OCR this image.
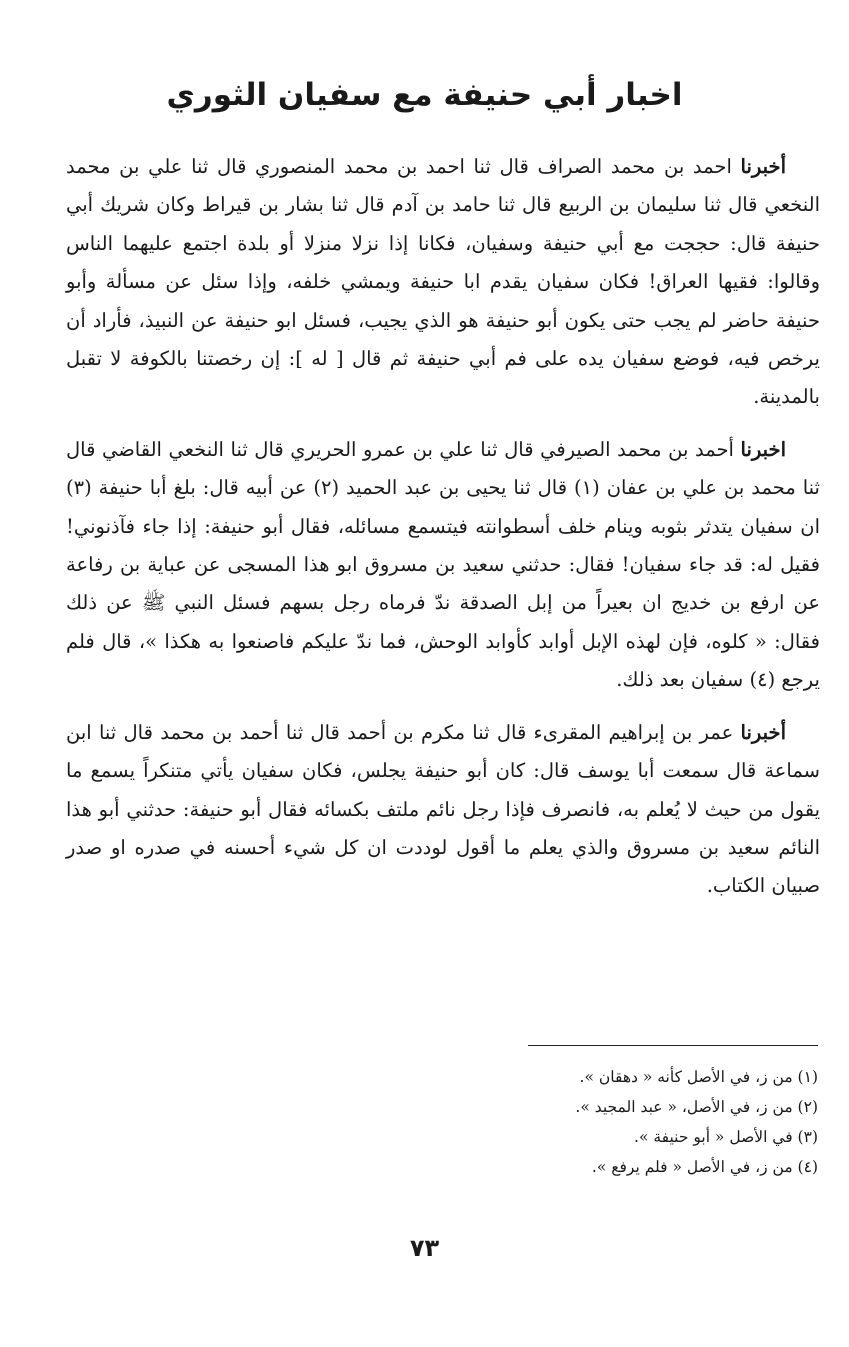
اخبار أبي حنيفة مع سفيان الثوري

أخبرنا احمد بن محمد الصراف قال ثنا احمد بن محمد المنصوري قال ثنا علي بن محمد النخعي قال ثنا سليمان بن الربيع قال ثنا حامد بن آدم قال ثنا بشار بن قيراط وكان شريك أبي حنيفة قال: حججت مع أبي حنيفة وسفيان، فكانا إذا نزلا منزلا أو بلدة اجتمع عليهما الناس وقالوا: فقيها العراق! فكان سفيان يقدم ابا حنيفة ويمشي خلفه، وإذا سئل عن مسألة وأبو حنيفة حاضر لم يجب حتى يكون أبو حنيفة هو الذي يجيب، فسئل ابو حنيفة عن النبيذ، فأراد أن يرخص فيه، فوضع سفيان يده على فم أبي حنيفة ثم قال [ له ]: إن رخصتنا بالكوفة لا تقبل بالمدينة.

اخبرنا أحمد بن محمد الصيرفي قال ثنا علي بن عمرو الحريري قال ثنا النخعي القاضي قال ثنا محمد بن علي بن عفان (١) قال ثنا يحيى بن عبد الحميد (٢) عن أبيه قال: بلغ أبا حنيفة (٣) ان سفيان يتدثر بثوبه وينام خلف أسطوانته فيتسمع مسائله، فقال أبو حنيفة: إذا جاء فآذنوني! فقيل له: قد جاء سفيان! فقال: حدثني سعيد بن مسروق ابو هذا المسجى عن عباية بن رفاعة عن ارفع بن خديج ان بعيراً من إبل الصدقة ندّ فرماه رجل بسهم فسئل النبي ﷺ عن ذلك فقال: « كلوه، فإن لهذه الإبل أوابد كأوابد الوحش، فما ندّ عليكم فاصنعوا به هكذا »، قال فلم يرجع (٤) سفيان بعد ذلك.

أخبرنا عمر بن إبراهيم المقرىء قال ثنا مكرم بن أحمد قال ثنا أحمد بن محمد قال ثنا ابن سماعة قال سمعت أبا يوسف قال: كان أبو حنيفة يجلس، فكان سفيان يأتي متنكراً يسمع ما يقول من حيث لا يُعلم به، فانصرف فإذا رجل نائم ملتف بكسائه فقال أبو حنيفة: حدثني أبو هذا النائم سعيد بن مسروق والذي يعلم ما أقول لوددت ان كل شيء أحسنه في صدره او صدر صبيان الكتاب.

(١) من ز، في الأصل كأنه « دهقان ».
(٢) من ز، في الأصل، « عبد المجيد ».
(٣) في الأصل « أبو حنيفة ».
(٤) من ز، في الأصل « فلم يرفع ».
٧٣
